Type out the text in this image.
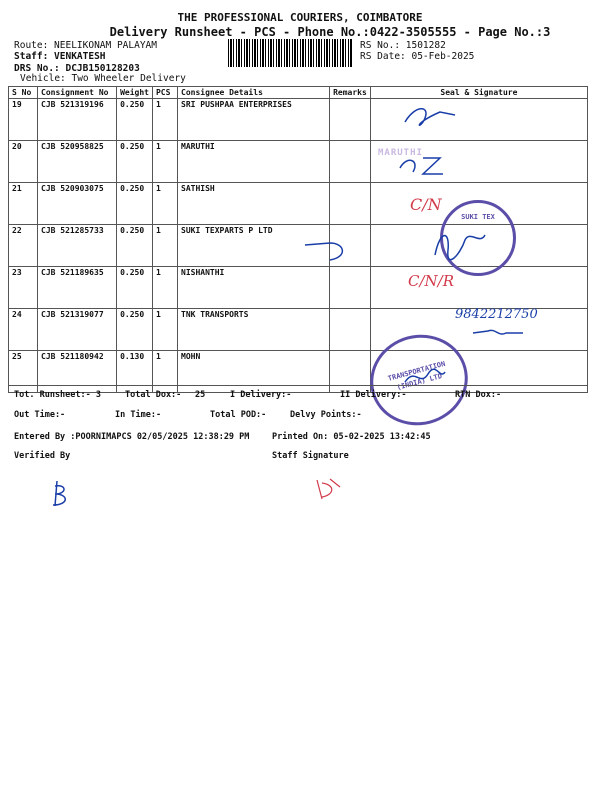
THE PROFESSIONAL COURIERS, COIMBATORE
Delivery Runsheet - PCS - Phone No.:0422-3505555 - Page No.:3
Route: NEELIKONAM PALAYAM
Staff: VENKATESH
DRS No.: DCJB150128203
Vehicle: Two Wheeler Delivery
RS No.: 1501282
RS Date: 05-Feb-2025
S No	Consignment No	Weight	PCS	Consignee Details	Remarks	Seal & Signature
19	CJB 521319196	0.250	1	SRI PUSHPAA ENTERPRISES		
20	CJB 520958825	0.250	1	MARUTHI		
21	CJB 520903075	0.250	1	SATHISH		
22	CJB 521285733	0.250	1	SUKI TEXPARTS P LTD		
23	CJB 521189635	0.250	1	NISHANTHI		
24	CJB 521319077	0.250	1	TNK TRANSPORTS		
25	CJB 521180942	0.130	1	MOHN		
MARUTHI
C/N
SUKI TEX
C/N/R
9842212750
TRANSPORTATION (INDIA) LTD
Tot. Runsheet:- 3	Total Dox:- 25	I Delivery:-	II Delivery:-	RTN Dox:-
Out Time:-	In Time:-	Total POD:-	Delvy Points:-
Entered By :POORNIMAPCS 02/05/2025 12:38:29 PM	Printed On: 05-02-2025 13:42:45
Verified By	Staff Signature
